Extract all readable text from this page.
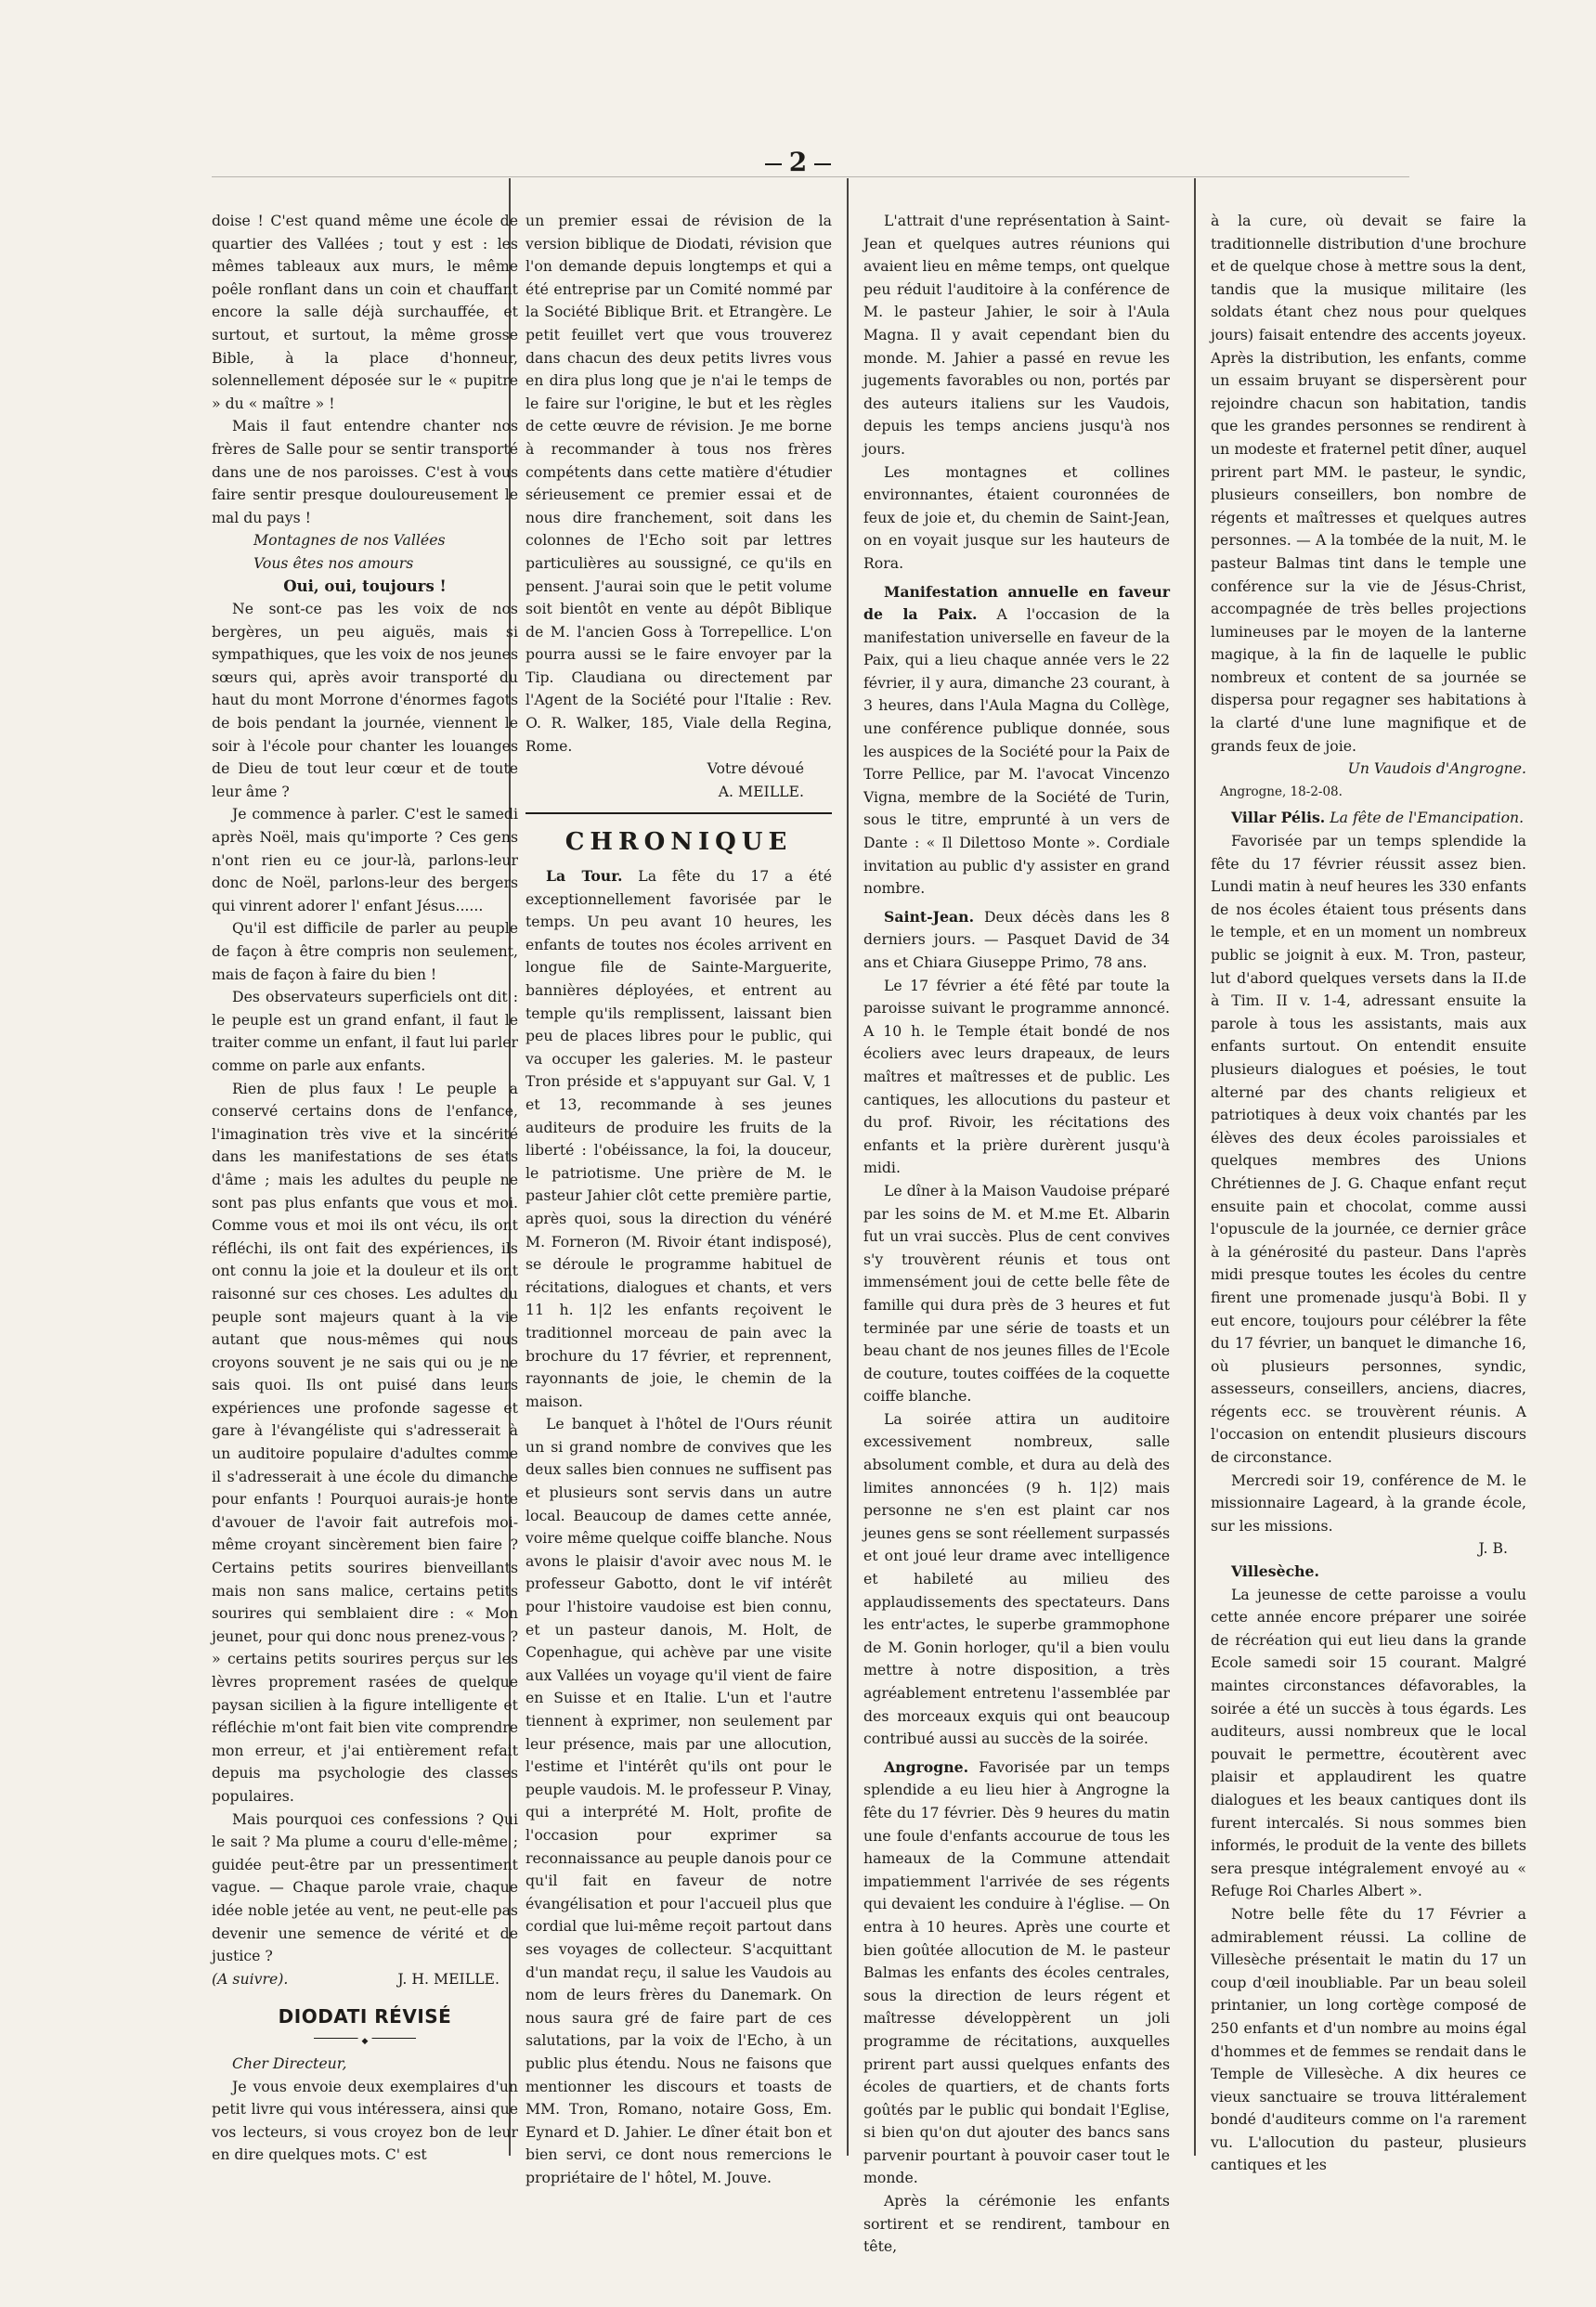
2

doise ! C'est quand même une école de quartier des Vallées ; tout y est : les mêmes tableaux aux murs, le même poêle ronflant dans un coin et chauffant encore la salle déjà surchauffée, et surtout, et surtout, la même grosse Bible, à la place d'honneur, solennellement déposée sur le « pupitre » du « maître » !

Mais il faut entendre chanter nos frères de Salle pour se sentir transporté dans une de nos paroisses. C'est à vous faire sentir presque douloureusement le mal du pays !

Montagnes de nos Vallées

Vous êtes nos amours

Oui, oui, toujours !

Ne sont-ce pas les voix de nos bergères, un peu aiguës, mais si sympathiques, que les voix de nos jeunes sœurs qui, après avoir transporté du haut du mont Morrone d'énormes fagots de bois pendant la journée, viennent le soir à l'école pour chanter les louanges de Dieu de tout leur cœur et de toute leur âme ?

Je commence à parler. C'est le samedi après Noël, mais qu'importe ? Ces gens n'ont rien eu ce jour-là, parlons-leur donc de Noël, parlons-leur des bergers qui vinrent adorer l' enfant Jésus......

Qu'il est difficile de parler au peuple de façon à être compris non seulement, mais de façon à faire du bien !

Des observateurs superficiels ont dit : le peuple est un grand enfant, il faut le traiter comme un enfant, il faut lui parler comme on parle aux enfants.

Rien de plus faux ! Le peuple a conservé certains dons de l'enfance, l'imagination très vive et la sincérité dans les manifestations de ses états d'âme ; mais les adultes du peuple ne sont pas plus enfants que vous et moi. Comme vous et moi ils ont vécu, ils ont réfléchi, ils ont fait des expériences, ils ont connu la joie et la douleur et ils ont raisonné sur ces choses. Les adultes du peuple sont majeurs quant à la vie autant que nous-mêmes qui nous croyons souvent je ne sais qui ou je ne sais quoi. Ils ont puisé dans leurs expériences une profonde sagesse et gare à l'évangéliste qui s'adresserait à un auditoire populaire d'adultes comme il s'adresserait à une école du dimanche pour enfants ! Pourquoi aurais-je honte d'avouer de l'avoir fait autrefois moi-même croyant sincèrement bien faire ? Certains petits sourires bienveillants mais non sans malice, certains petits sourires qui semblaient dire : « Mon jeunet, pour qui donc nous prenez-vous ? » certains petits sourires perçus sur les lèvres proprement rasées de quelque paysan sicilien à la figure intelligente et réfléchie m'ont fait bien vite comprendre mon erreur, et j'ai entièrement refait depuis ma psychologie des classes populaires.

Mais pourquoi ces confessions ? Qui le sait ? Ma plume a couru d'elle-même ; guidée peut-être par un pressentiment vague. — Chaque parole vraie, chaque idée noble jetée au vent, ne peut-elle pas devenir une semence de vérité et de justice ?

(A suivre).	J. H. MEILLE.

DIODATI RÉVISÉ
◆

Cher Directeur,

Je vous envoie deux exemplaires d'un petit livre qui vous intéressera, ainsi que vos lecteurs, si vous croyez bon de leur en dire quelques mots. C' est

un premier essai de révision de la version biblique de Diodati, révision que l'on demande depuis longtemps et qui a été entreprise par un Comité nommé par la Société Biblique Brit. et Etrangère. Le petit feuillet vert que vous trouverez dans chacun des deux petits livres vous en dira plus long que je n'ai le temps de le faire sur l'origine, le but et les règles de cette œuvre de révision. Je me borne à recommander à tous nos frères compétents dans cette matière d'étudier sérieusement ce premier essai et de nous dire franchement, soit dans les colonnes de l'Echo soit par lettres particulières au soussigné, ce qu'ils en pensent. J'aurai soin que le petit volume soit bientôt en vente au dépôt Biblique de M. l'ancien Goss à Torrepellice. L'on pourra aussi se le faire envoyer par la Tip. Claudiana ou directement par l'Agent de la Société pour l'Italie : Rev. O. R. Walker, 185, Viale della Regina, Rome.

Votre dévoué

A. MEILLE.

CHRONIQUE

La Tour. La fête du 17 a été exceptionnellement favorisée par le temps. Un peu avant 10 heures, les enfants de toutes nos écoles arrivent en longue file de Sainte-Marguerite, bannières déployées, et entrent au temple qu'ils remplissent, laissant bien peu de places libres pour le public, qui va occuper les galeries. M. le pasteur Tron préside et s'appuyant sur Gal. V, 1 et 13, recommande à ses jeunes auditeurs de produire les fruits de la liberté : l'obéissance, la foi, la douceur, le patriotisme. Une prière de M. le pasteur Jahier clôt cette première partie, après quoi, sous la direction du vénéré M. Forneron (M. Rivoir étant indisposé), se déroule le programme habituel de récitations, dialogues et chants, et vers 11 h. 1|2 les enfants reçoivent le traditionnel morceau de pain avec la brochure du 17 février, et reprennent, rayonnants de joie, le chemin de la maison.

Le banquet à l'hôtel de l'Ours réunit un si grand nombre de convives que les deux salles bien connues ne suffisent pas et plusieurs sont servis dans un autre local. Beaucoup de dames cette année, voire même quelque coiffe blanche. Nous avons le plaisir d'avoir avec nous M. le professeur Gabotto, dont le vif intérêt pour l'histoire vaudoise est bien connu, et un pasteur danois, M. Holt, de Copenhague, qui achève par une visite aux Vallées un voyage qu'il vient de faire en Suisse et en Italie. L'un et l'autre tiennent à exprimer, non seulement par leur présence, mais par une allocution, l'estime et l'intérêt qu'ils ont pour le peuple vaudois. M. le professeur P. Vinay, qui a interprété M. Holt, profite de l'occasion pour exprimer sa reconnaissance au peuple danois pour ce qu'il fait en faveur de notre évangélisation et pour l'accueil plus que cordial que lui-même reçoit partout dans ses voyages de collecteur. S'acquittant d'un mandat reçu, il salue les Vaudois au nom de leurs frères du Danemark. On nous saura gré de faire part de ces salutations, par la voix de l'Echo, à un public plus étendu. Nous ne faisons que mentionner les discours et toasts de MM. Tron, Romano, notaire Goss, Em. Eynard et D. Jahier. Le dîner était bon et bien servi, ce dont nous remercions le propriétaire de l' hôtel, M. Jouve.

L'attrait d'une représentation à Saint-Jean et quelques autres réunions qui avaient lieu en même temps, ont quelque peu réduit l'auditoire à la conférence de M. le pasteur Jahier, le soir à l'Aula Magna. Il y avait cependant bien du monde. M. Jahier a passé en revue les jugements favorables ou non, portés par des auteurs italiens sur les Vaudois, depuis les temps anciens jusqu'à nos jours.

Les montagnes et collines environnantes, étaient couronnées de feux de joie et, du chemin de Saint-Jean, on en voyait jusque sur les hauteurs de Rora.

Manifestation annuelle en faveur de la Paix. A l'occasion de la manifestation universelle en faveur de la Paix, qui a lieu chaque année vers le 22 février, il y aura, dimanche 23 courant, à 3 heures, dans l'Aula Magna du Collège, une conférence publique donnée, sous les auspices de la Société pour la Paix de Torre Pellice, par M. l'avocat Vincenzo Vigna, membre de la Société de Turin, sous le titre, emprunté à un vers de Dante : « Il Dilettoso Monte ». Cordiale invitation au public d'y assister en grand nombre.

Saint-Jean. Deux décès dans les 8 derniers jours. — Pasquet David de 34 ans et Chiara Giuseppe Primo, 78 ans.

Le 17 février a été fêté par toute la paroisse suivant le programme annoncé. A 10 h. le Temple était bondé de nos écoliers avec leurs drapeaux, de leurs maîtres et maîtresses et de public. Les cantiques, les allocutions du pasteur et du prof. Rivoir, les récitations des enfants et la prière durèrent jusqu'à midi.

Le dîner à la Maison Vaudoise préparé par les soins de M. et M.me Et. Albarin fut un vrai succès. Plus de cent convives s'y trouvèrent réunis et tous ont immensément joui de cette belle fête de famille qui dura près de 3 heures et fut terminée par une série de toasts et un beau chant de nos jeunes filles de l'Ecole de couture, toutes coiffées de la coquette coiffe blanche.

La soirée attira un auditoire excessivement nombreux, salle absolument comble, et dura au delà des limites annoncées (9 h. 1|2) mais personne ne s'en est plaint car nos jeunes gens se sont réellement surpassés et ont joué leur drame avec intelligence et habileté au milieu des applaudissements des spectateurs. Dans les entr'actes, le superbe grammophone de M. Gonin horloger, qu'il a bien voulu mettre à notre disposition, a très agréablement entretenu l'assemblée par des morceaux exquis qui ont beaucoup contribué aussi au succès de la soirée.

Angrogne. Favorisée par un temps splendide a eu lieu hier à Angrogne la fête du 17 février. Dès 9 heures du matin une foule d'enfants accourue de tous les hameaux de la Commune attendait impatiemment l'arrivée de ses régents qui devaient les conduire à l'église. — On entra à 10 heures. Après une courte et bien goûtée allocution de M. le pasteur Balmas les enfants des écoles centrales, sous la direction de leurs régent et maîtresse développèrent un joli programme de récitations, auxquelles prirent part aussi quelques enfants des écoles de quartiers, et de chants forts goûtés par le public qui bondait l'Eglise, si bien qu'on dut ajouter des bancs sans parvenir pourtant à pouvoir caser tout le monde.

Après la cérémonie les enfants sortirent et se rendirent, tambour en tête,

à la cure, où devait se faire la traditionnelle distribution d'une brochure et de quelque chose à mettre sous la dent, tandis que la musique militaire (les soldats étant chez nous pour quelques jours) faisait entendre des accents joyeux. Après la distribution, les enfants, comme un essaim bruyant se dispersèrent pour rejoindre chacun son habitation, tandis que les grandes personnes se rendirent à un modeste et fraternel petit dîner, auquel prirent part MM. le pasteur, le syndic, plusieurs conseillers, bon nombre de régents et maîtresses et quelques autres personnes. — A la tombée de la nuit, M. le pasteur Balmas tint dans le temple une conférence sur la vie de Jésus-Christ, accompagnée de très belles projections lumineuses par le moyen de la lanterne magique, à la fin de laquelle le public nombreux et content de sa journée se dispersa pour regagner ses habitations à la clarté d'une lune magnifique et de grands feux de joie.

Un Vaudois d'Angrogne.

Angrogne, 18-2-08.

Villar Pélis. La fête de l'Emancipation.

Favorisée par un temps splendide la fête du 17 février réussit assez bien. Lundi matin à neuf heures les 330 enfants de nos écoles étaient tous présents dans le temple, et en un moment un nombreux public se joignit à eux. M. Tron, pasteur, lut d'abord quelques versets dans la II.de à Tim. II v. 1-4, adressant ensuite la parole à tous les assistants, mais aux enfants surtout. On entendit ensuite plusieurs dialogues et poésies, le tout alterné par des chants religieux et patriotiques à deux voix chantés par les élèves des deux écoles paroissiales et quelques membres des Unions Chrétiennes de J. G. Chaque enfant reçut ensuite pain et chocolat, comme aussi l'opuscule de la journée, ce dernier grâce à la générosité du pasteur. Dans l'après midi presque toutes les écoles du centre firent une promenade jusqu'à Bobi. Il y eut encore, toujours pour célébrer la fête du 17 février, un banquet le dimanche 16, où plusieurs personnes, syndic, assesseurs, conseillers, anciens, diacres, régents ecc. se trouvèrent réunis. A l'occasion on entendit plusieurs discours de circonstance.

Mercredi soir 19, conférence de M. le missionnaire Lageard, à la grande école, sur les missions.

J. B.

Villesèche.

La jeunesse de cette paroisse a voulu cette année encore préparer une soirée de récréation qui eut lieu dans la grande Ecole samedi soir 15 courant. Malgré maintes circonstances défavorables, la soirée a été un succès à tous égards. Les auditeurs, aussi nombreux que le local pouvait le permettre, écoutèrent avec plaisir et applaudirent les quatre dialogues et les beaux cantiques dont ils furent intercalés. Si nous sommes bien informés, le produit de la vente des billets sera presque intégralement envoyé au « Refuge Roi Charles Albert ».

Notre belle fête du 17 Février a admirablement réussi. La colline de Villesèche présentait le matin du 17 un coup d'œil inoubliable. Par un beau soleil printanier, un long cortège composé de 250 enfants et d'un nombre au moins égal d'hommes et de femmes se rendait dans le Temple de Villesèche. A dix heures ce vieux sanctuaire se trouva littéralement bondé d'auditeurs comme on l'a rarement vu. L'allocution du pasteur, plusieurs cantiques et les
